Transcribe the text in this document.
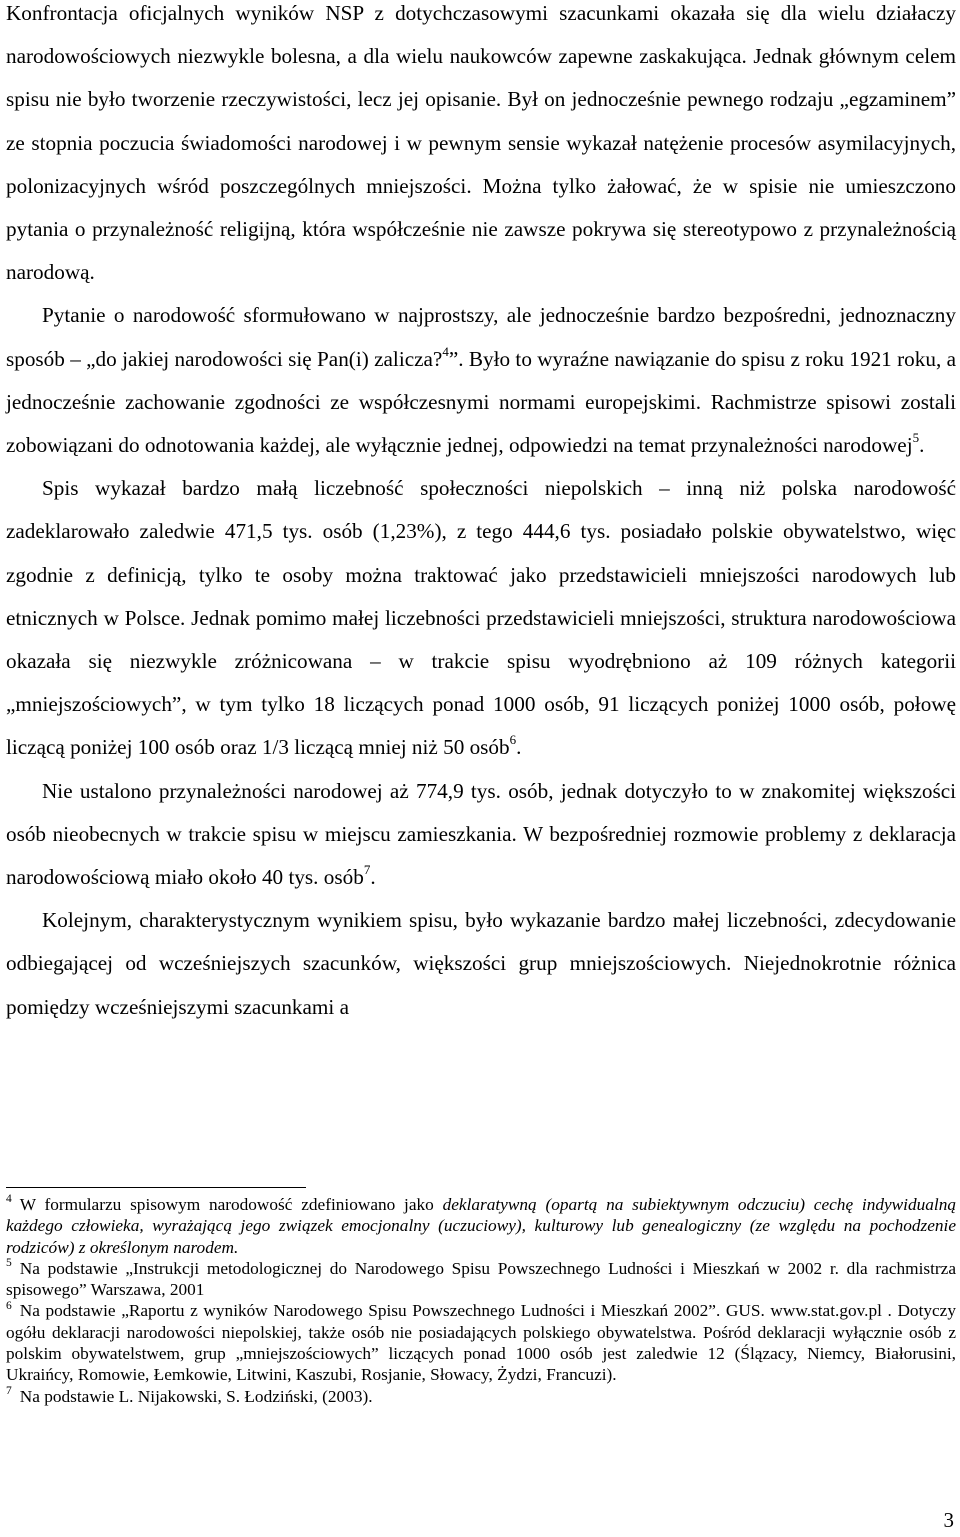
Konfrontacja oficjalnych wyników NSP z dotychczasowymi szacunkami okazała się dla wielu działaczy narodowościowych niezwykle bolesna, a dla wielu naukowców zapewne zaskakująca. Jednak głównym celem spisu nie było tworzenie rzeczywistości, lecz jej opisanie. Był on jednocześnie pewnego rodzaju „egzaminem” ze stopnia poczucia świadomości narodowej i w pewnym sensie wykazał natężenie procesów asymilacyjnych, polonizacyjnych wśród poszczególnych mniejszości. Można tylko żałować, że w spisie nie umieszczono pytania o przynależność religijną, która współcześnie nie zawsze pokrywa się stereotypowo z przynależnością narodową.

Pytanie o narodowość sformułowano w najprostszy, ale jednocześnie bardzo bezpośredni, jednoznaczny sposób – „do jakiej narodowości się Pan(i) zalicza?$^4$”. Było to wyraźne nawiązanie do spisu z roku 1921 roku, a jednocześnie zachowanie zgodności ze współczesnymi normami europejskimi. Rachmistrze spisowi zostali zobowiązani do odnotowania każdej, ale wyłącznie jednej, odpowiedzi na temat przynależności narodowej$^5$.

Spis wykazał bardzo małą liczebność społeczności niepolskich – inną niż polska narodowość zadeklarowało zaledwie 471,5 tys. osób (1,23%), z tego 444,6 tys. posiadało polskie obywatelstwo, więc zgodnie z definicją, tylko te osoby można traktować jako przedstawicieli mniejszości narodowych lub etnicznych w Polsce. Jednak pomimo małej liczebności przedstawicieli mniejszości, struktura narodowościowa okazała się niezwykle zróżnicowana – w trakcie spisu wyodrębniono aż 109 różnych kategorii „mniejszościowych”, w tym tylko 18 liczących ponad 1000 osób, 91 liczących poniżej 1000 osób, połowę liczącą poniżej 100 osób oraz 1/3 liczącą mniej niż 50 osób$^6$.

Nie ustalono przynależności narodowej aż 774,9 tys. osób, jednak dotyczyło to w znakomitej większości osób nieobecnych w trakcie spisu w miejscu zamieszkania. W bezpośredniej rozmowie problemy z deklaracja narodowościową miało około 40 tys. osób$^7$.

Kolejnym, charakterystycznym wynikiem spisu, było wykazanie bardzo małej liczebności, zdecydowanie odbiegającej od wcześniejszych szacunków, większości grup mniejszościowych. Niejednokrotnie różnica pomiędzy wcześniejszymi szacunkami a

$^4$ W formularzu spisowym narodowość zdefiniowano jako deklaratywną (opartą na subiektywnym odczuciu) cechę indywidualną każdego człowieka, wyrażającą jego związek emocjonalny (uczuciowy), kulturowy lub genealogiczny (ze względu na pochodzenie rodziców) z określonym narodem.

$^5$ Na podstawie „Instrukcji metodologicznej do Narodowego Spisu Powszechnego Ludności i Mieszkań w 2002 r. dla rachmistrza spisowego” Warszawa, 2001

$^6$ Na podstawie „Raportu z wyników Narodowego Spisu Powszechnego Ludności i Mieszkań 2002”. GUS. www.stat.gov.pl . Dotyczy ogółu deklaracji narodowości niepolskiej, także osób nie posiadających polskiego obywatelstwa. Pośród deklaracji wyłącznie osób z polskim obywatelstwem, grup „mniejszościowych” liczących ponad 1000 osób jest zaledwie 12 (Ślązacy, Niemcy, Białorusini, Ukraińcy, Romowie, Łemkowie, Litwini, Kaszubi, Rosjanie, Słowacy, Żydzi, Francuzi).

$^7$ Na podstawie L. Nijakowski, S. Łodziński, (2003).

3
